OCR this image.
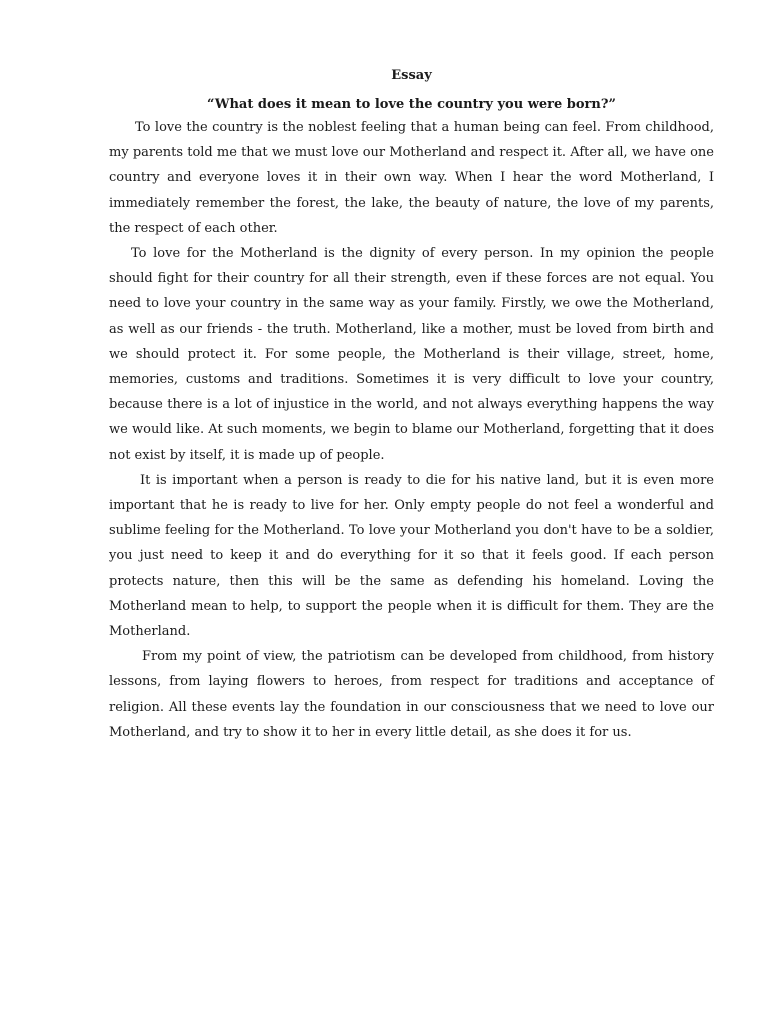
Essay
“What does it mean to love the country you were born?”

To love the country is the noblest feeling that a human being can feel. From childhood, my parents told me that we must love our Motherland and respect it. After all, we have one country and everyone loves it in their own way. When I hear the word Motherland, I immediately remember the forest, the lake, the beauty of nature, the love of my parents, the respect of each other.

To love for the Motherland is the dignity of every person. In my opinion the people should fight for their country for all their strength, even if these forces are not equal. You need to love your country in the same way as your family. Firstly, we owe the Motherland, as well as our friends - the truth. Motherland, like a mother, must be loved from birth and we should protect it. For some people, the Motherland is their village, street, home, memories, customs and traditions. Sometimes it is very difficult to love your country, because there is a lot of injustice in the world, and not always everything happens the way we would like. At such moments, we begin to blame our Motherland, forgetting that it does not exist by itself, it is made up of people.

It is important when a person is ready to die for his native land, but it is even more important that he is ready to live for her. Only empty people do not feel a wonderful and sublime feeling for the Motherland. To love your Motherland you don't have to be a soldier, you just need to keep it and do everything for it so that it feels good. If each person protects nature, then this will be the same as defending his homeland. Loving the Motherland mean to help, to support the people when it is difficult for them. They are the Motherland.

From my point of view, the patriotism can be developed from childhood, from history lessons, from laying flowers to heroes, from respect for traditions and acceptance of religion. All these events lay the foundation in our consciousness that we need to love our Motherland, and try to show it to her in every little detail, as she does it for us.
